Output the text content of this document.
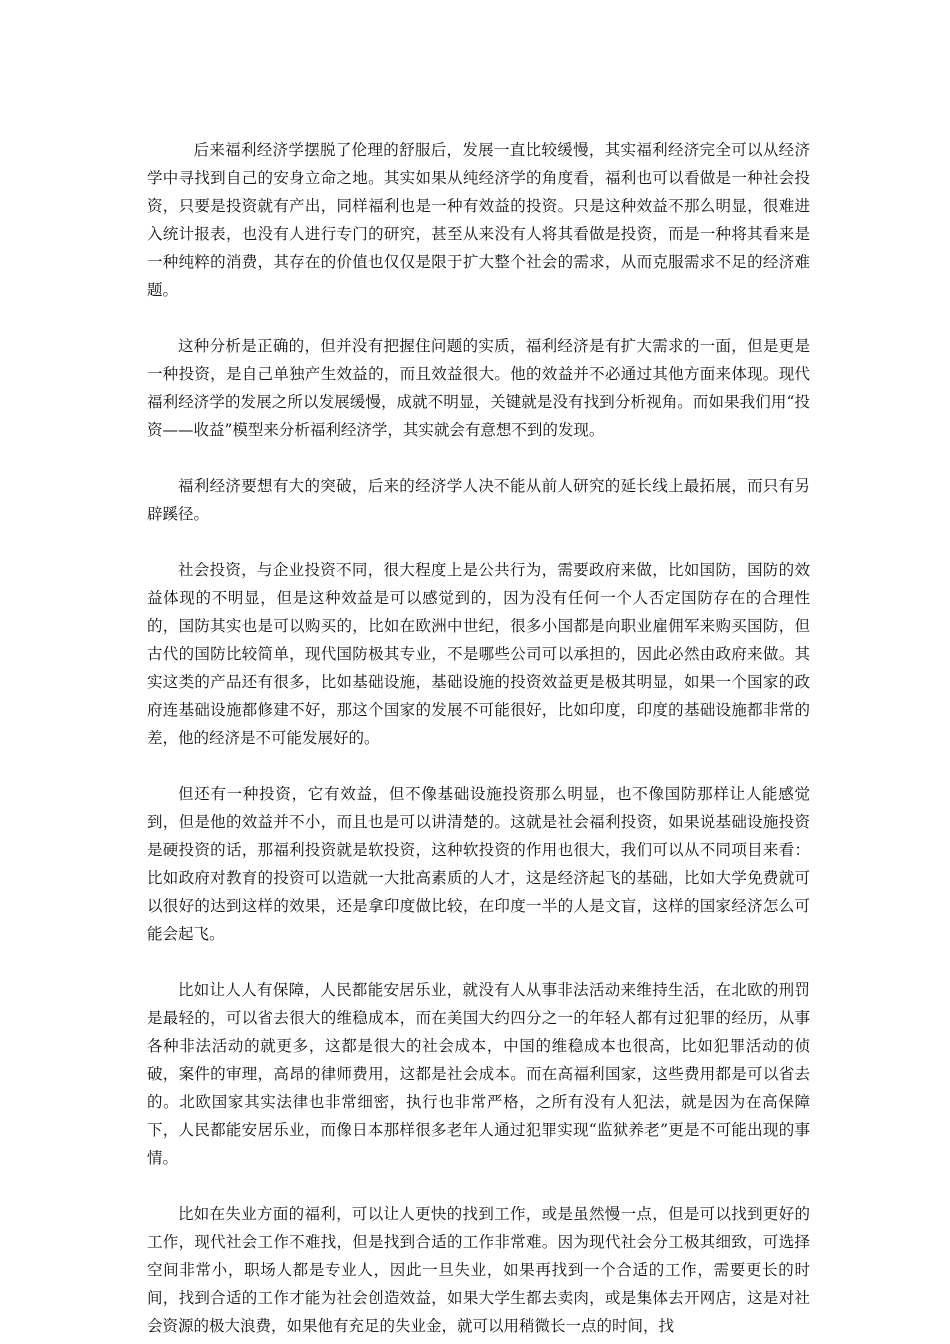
后来福利经济学摆脱了伦理的舒服后，发展一直比较缓慢，其实福利经济完全可以从经济学中寻找到自己的安身立命之地。其实如果从纯经济学的角度看，福利也可以看做是一种社会投资，只要是投资就有产出，同样福利也是一种有效益的投资。只是这种效益不那么明显，很难进入统计报表，也没有人进行专门的研究，甚至从来没有人将其看做是投资，而是一种将其看来是一种纯粹的消费，其存在的价值也仅仅是限于扩大整个社会的需求，从而克服需求不足的经济难题。

这种分析是正确的，但并没有把握住问题的实质，福利经济是有扩大需求的一面，但是更是一种投资，是自己单独产生效益的，而且效益很大。他的效益并不必通过其他方面来体现。现代福利经济学的发展之所以发展缓慢，成就不明显，关键就是没有找到分析视角。而如果我们用“投资——收益”模型来分析福利经济学，其实就会有意想不到的发现。

福利经济要想有大的突破，后来的经济学人决不能从前人研究的延长线上最拓展，而只有另辟蹊径。

社会投资，与企业投资不同，很大程度上是公共行为，需要政府来做，比如国防，国防的效益体现的不明显，但是这种效益是可以感觉到的，因为没有任何一个人否定国防存在的合理性的，国防其实也是可以购买的，比如在欧洲中世纪，很多小国都是向职业雇佣军来购买国防，但古代的国防比较简单，现代国防极其专业，不是哪些公司可以承担的，因此必然由政府来做。其实这类的产品还有很多，比如基础设施，基础设施的投资效益更是极其明显，如果一个国家的政府连基础设施都修建不好，那这个国家的发展不可能很好，比如印度，印度的基础设施都非常的差，他的经济是不可能发展好的。

但还有一种投资，它有效益，但不像基础设施投资那么明显，也不像国防那样让人能感觉到，但是他的效益并不小，而且也是可以讲清楚的。这就是社会福利投资，如果说基础设施投资是硬投资的话，那福利投资就是软投资，这种软投资的作用也很大，我们可以从不同项目来看：比如政府对教育的投资可以造就一大批高素质的人才，这是经济起飞的基础，比如大学免费就可以很好的达到这样的效果，还是拿印度做比较，在印度一半的人是文盲，这样的国家经济怎么可能会起飞。

比如让人人有保障，人民都能安居乐业，就没有人从事非法活动来维持生活，在北欧的刑罚是最轻的，可以省去很大的维稳成本，而在美国大约四分之一的年轻人都有过犯罪的经历，从事各种非法活动的就更多，这都是很大的社会成本，中国的维稳成本也很高，比如犯罪活动的侦破，案件的审理，高昂的律师费用，这都是社会成本。而在高福利国家，这些费用都是可以省去的。北欧国家其实法律也非常细密，执行也非常严格，之所有没有人犯法，就是因为在高保障下，人民都能安居乐业，而像日本那样很多老年人通过犯罪实现“监狱养老”更是不可能出现的事情。

比如在失业方面的福利，可以让人更快的找到工作，或是虽然慢一点，但是可以找到更好的工作，现代社会工作不难找，但是找到合适的工作非常难。因为现代社会分工极其细致，可选择空间非常小，职场人都是专业人，因此一旦失业，如果再找到一个合适的工作，需要更长的时间，找到合适的工作才能为社会创造效益，如果大学生都去卖肉，或是集体去开网店，这是对社会资源的极大浪费，如果他有充足的失业金，就可以用稍微长一点的时间，找
